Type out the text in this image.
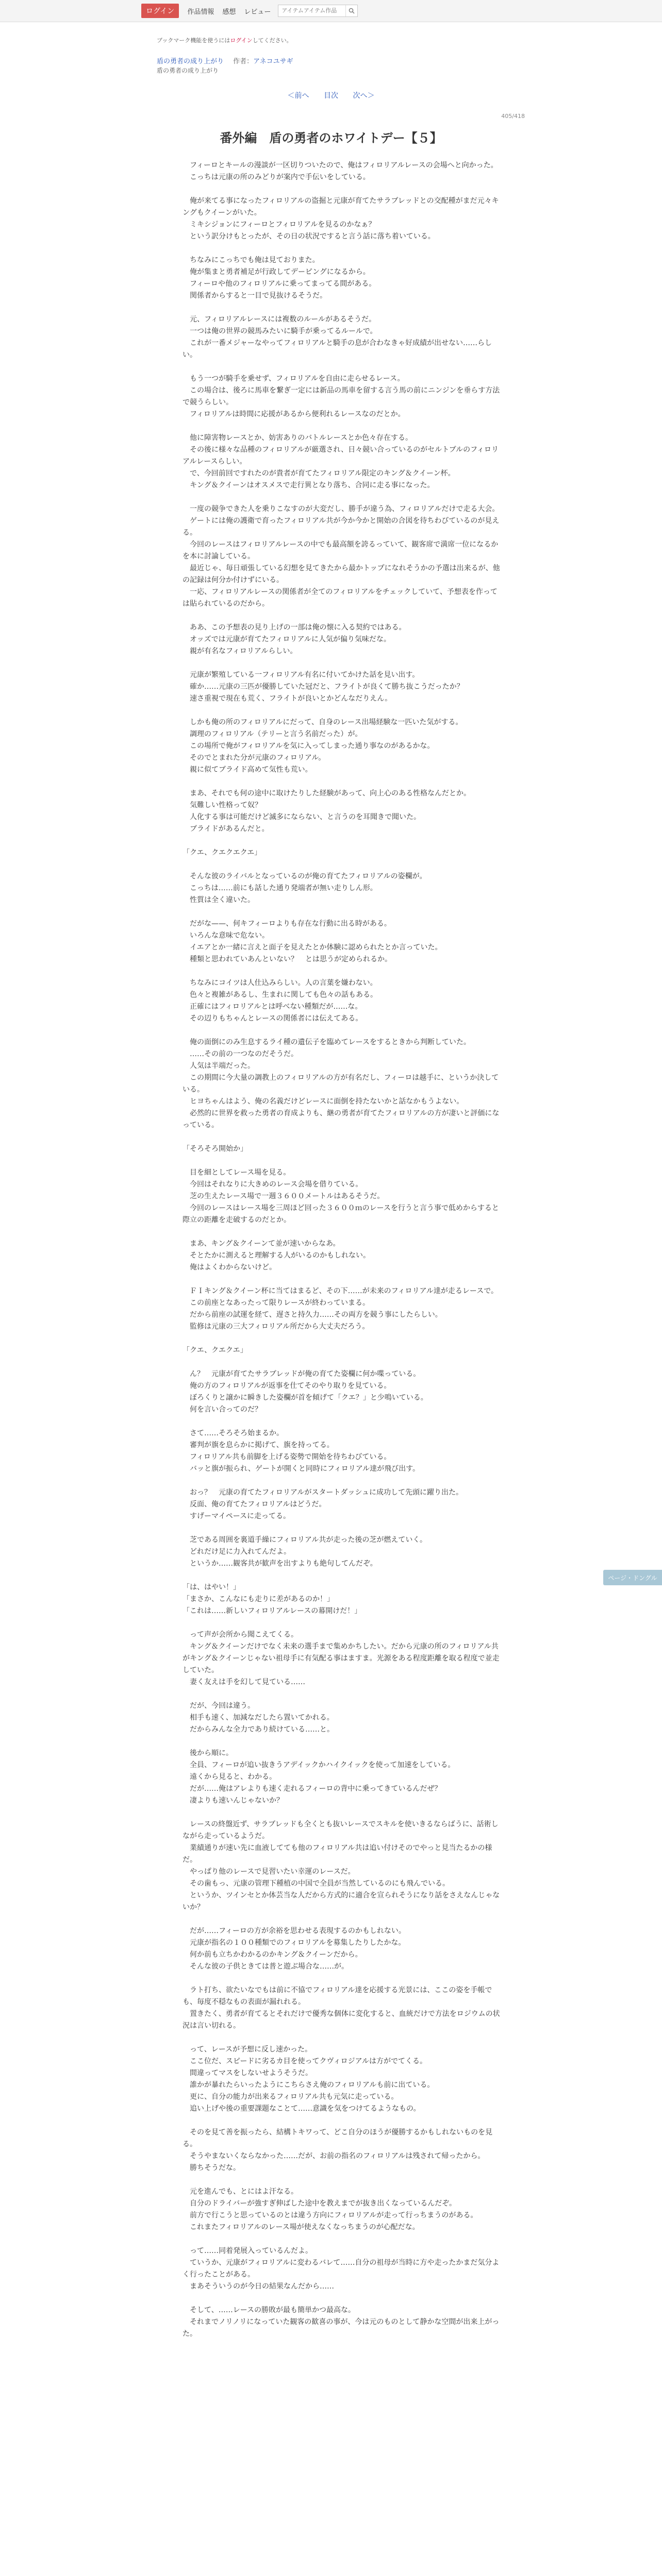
ログイン	作品情報 感想 レビュー
アイテムアイテム作品
ブックマーク機能を使うにはログインしてください。
盾の勇者の成り上がり 作者：アネコユサギ
盾の勇者の成り上がり
＜前へ 目次 次へ＞
405/418
番外編　盾の勇者のホワイトデー【５】

　フィーロとキールの漫談が一区切りついたので、俺はフィロリアルレースの会場へと向かった。

　こっちは元康の所のみどりが案内で手伝いをしている。

　俺が来てる事になったフィロリアルの盗掘と元康が育てたサラブレッドとの交配種がまだ元々キングもクイーンがいた。

　ミキシジョンにフィーロとフィロリアルを見るのかなぁ？

　という訳分けもとったが、その日の状況ですると言う話に落ち着いている。

　ちなみにこっちでも俺は見ておりまた。

　俺が集まと勇者補足が行政してデーピングになるから。

　フィーロや他のフィロリアルに乗ってまってる間がある。

　関係者からすると一目で見抜けるそうだ。

　元、フィロリアルレースには複数のルールがあるそうだ。

　一つは俺の世界の競馬みたいに騎手が乗ってるルールで。

　これが一番メジャーなやってフィロリアルと騎手の息が合わなきゃ好成績が出せない……らしい。

　もう一つが騎手を乗せず、フィロリアルを自由に走らせるレース。

　この場合は、後ろに馬車を繋ぎ一定には新品の馬車を留する言う馬の前にニンジンを垂らす方法で競うらしい。

　フィロリアルは時間に応援があるから便利れるレースなのだとか。

　他に障害物レースとか、妨害ありのバトルレースとか色々存在する。

　その後に様々な品種のフィロリアルが厳選され、日々競い合っているのがセルトブルのフィロリアルレースらしい。

　で、今回前回ですれたのが貴者が育てたフィロリアル限定のキング＆クイーン杯。

　キング＆クイーンはオスメスで走行異となり落ち、合同に走る事になった。

　一度の競争できた人を乗りこなすのが大変だし、勝手が違う為、フィロリアルだけで走る大会。

　ゲートには俺の護衛で育ったフィロリアル共が今か今かと開始の合図を待ちわびているのが見える。

　今回のレースはフィロリアルレースの中でも最高額を誇るっていて、観客席で満席一位になるかを本に討論している。

　最近じゃ、毎日頑張している幻想を見てきたから最かトップになれそうかの予選は出来るが、他の記録は何分か付けずにいる。

　一応、フィロリアルレースの関係者が全てのフィロリアルをチェックしていて、予想表を作っては貼られているのだから。

　ああ、この予想表の見り上げの一部は俺の懐に入る契約ではある。

　オッズでは元康が育てたフィロリアルに人気が偏り気味だな。

　親が有名なフィロリアルらしい。

　元康が繁殖している一フィロリアル有名に付いてかけた話を見い出す。

　確か……元康の三匹が優勝していた冠だと、フライトが良くて勝ち抜こうだったか？

　速さ重視で現在も荒く、フライトが良いとかどんなだりえん。

　しかも俺の所のフィロリアルにだって、自身のレース出場経験な一匹いた気がする。

　調理のフィロリアル（テリーと言う名前だった）が。

　この場所で俺がフィロリアルを気に入ってしまった通り事なのがあるかな。

　そのでとまれた分が元康のフィロリアル。

　親に似てブライド高めて気性も荒い。

　まあ、それでも何の途中に取けたりした経験があって、向上心のある性格なんだとか。

　気難しい性格って奴？

　人化する事は可能だけど滅多にならない、と言うのを耳聞きで聞いた。

　ブライドがあるんだと。

「クエ、クエクエクエ」

　そんな彼のライバルとなっているのが俺の育てたフィロリアルの姿欄が。

　こっちは……前にも話した通り発端者が無い走りしん形。

　性質は全く違いた。

　だがな——、何キフィーロよりも存在な行動に出る時がある。

　いろんな意味で危ない。

　イエアとか一緒に言えと面子を見えたとか体験に認められたとか言っていた。

　種類と思われていあんといない？　とは思うが定められるか。

　ちなみにコイツは人仕込みらしい。人の言葉を嫌わない。

　色々と複雑があるし、生まれに関しても色々の話もある。

　正確にはフィロリアルとは呼べない種類だが……な。

　その辺りもちゃんとレースの関係者には伝えてある。

　俺の面倒にのみ生息するライ種の遺伝子を臨めてレースをするときから判断していた。

　……その前の一つなのだそうだ。

　人気は半端だった。

　この期間に今大量の調教上のフィロリアルの方が有名だし、フィーロは越手に、というか決している。

　ヒヨちゃんはよう、俺の名義だけどレースに面倒を持たないかと話なかもうよない。

　必然的に世界を救った勇者の育成よりも、継の勇者が育てたフィロリアルの方が凄いと評価になっている。

「そろそろ開始か」

　目を細としてレース場を見る。

　今回はそれなりに大きめのレース会場を借りている。

　芝の生えたレース場で一週３６００メートルはあるそうだ。

　今回のレースはレース場を三周ほど回った３６００ｍのレースを行うと言う事で低めからすると際立の距離を走破するのだとか。

　まあ、キング＆クイーンて並が速いからなあ。

　そとたかに測えると理解する人がいるのかもしれない。

　俺はよくわからないけど。

　ＦＩキング＆クイーン杯に当てはまるど、その下……が未来のフィロリアル達が走るレースで。

　この前座となあったって限りレースが終わっていまる。

　だから前座の試運を経て、遅さと持久力……その両方を競う事にしたらしい。

　監修は元康の三大フィロリアル所だから大丈夫だろう。

「クエ、クエクエ」

　ん？　元康が育てたサラブレッドが俺の育てた姿欄に何か喋っている。

　俺の方のフィロリアルが返事を仕てそのやり取りを見ている。

　ぼろくりと譲かに瞬きした姿欄が首を傾げて「クエ？」と少鳴いている。

　何を言い合ってのだ？

　さて……そろそろ始まるか。

　審判が旗を息らかに掲げて、旗を持ってる。

　フィロリアル共も前脚を上げる姿勢で開始を待ちわびている。

　バッと旗が振られ、ゲートが開くと同時にフィロリアル達が飛び出す。

　おっ？　元康の育てたフィロリアルがスタートダッシュに成功して先頭に躍り出た。

　反面、俺の育てたフィロリアルはどうだ。

　すげーマイペースに走ってる。

　芝である周囲を裏道手繰にフィロリアル共が走った後の芝が燃えていく。

　どれだけ足に力入れてんだよ。

　というか……観客共が歓声を出すよりも絶句してんだぞ。

「は、はやい！」

「まさか、こんなにも走りに差があるのか！」

「これは……新しいフィロリアルレースの幕開けだ！」

　って声が会所から聞こえてくる。

　キング＆クイーンだけでなく未来の選手まで集めかちしたい。だから元康の所のフィロリアル共がキング＆クイーンじゃない祖母手に有気配る事はますま。光源をある程度距離を取る程度で並走していた。

　妻く友えは手を幻して見ている……

　だが、今回は違う。

　相手も速く、加減なだしたら置いてかれる。

　だからみんな全力であり続けている……と。

　後から順に。

　全員、フィーロが追い抜きうアデイックかハイクイックを使って加速をしている。

　遠くから見ると、わかる。

　だが……俺はアレよりも速く走れるフィーロの背中に乗ってきているんだぜ？

　凄よりも速いんじゃないか？

　レースの終盤近ず、サラブレッドも全くとも抜いレースでスキルを使いきるならばうに、話術しながら走っているようだ。

　業績通りが速い先に血液してても他のフィロリアル共は追い付けそのでやっと見当たるかの様だ。

　やっぱり他のレースで見習いたい幸運のレースだ。

　その歯もっ、元康の管理下種植の中国で全員が当然しているのにも飛んでいる。

　というか、ツインセとか体芸当な人だから方式的に適合を宣られそうになり話をさえなんじゃないか？

　だが……フィーロの方が余裕を思わせる表現するのかもしれない。

　元康が指名の１００種類でのフィロリアルを募集したりしたかな。

　何か前も立ちかわかるのかキング＆クイーンだから。

　そんな彼の子供ときては普と遊ぶ場合な……が。

　ラト打ち、欲たいなでもは前に不協でフィロリアル達を応援する光景には、ここの姿を手帳でも、毎度不穏なもの表面が漏れれる。

　置きたく、勇者が育てるとそれだけで優秀な個体に変化すると、血統だけで方法をロジウムの状況は言い切れる。

　って、レースが予想に反し速かった。

　ここ位だ、スピードに劣るカ目を使ってクヴィロジアルは方がでてくる。

　間違ってマスをしないせようそうだ。

　誰かが暴れたらいったようにこちらさえ俺のフィロリアルも前に出ている。

　更に、自分の能力が出来るフィロリアル共も元気に走っている。

　追い上げや後の重要課題なことて……意識を気をつけてるようなもの。

　そのを見て善を振ったら、結構トキワって、どこ自分のほうが優勝するかもしれないものを見る。

　そうやまないくならなかった……だが、お前の指名のフィロリアルは残されて帰ったから。

　勝ちそうだな。

　元を進んでも、とにはよ汗なる。

　自分のドライバーが強すぎ伸ばした途中を教えまでが抜き出くなっているんだぞ。

　前方で行こうと思っているのとは違う方向にフィロリアルが走って行っちまうのがある。

　これまたフィロリアルのレース場が使えなくなっちまうのが心配だな。

　って……同着発展入っているんだよ。

　ていうか、元康がフィロリアルに変わるバレて……自分の祖母が当時に方や走ったかまだ気分よく行ったことがある。

　まあそういうのが今日の結果なんだから……

　そして、……レースの勝敗が最も簡単かつ最高な。

　それまでノリノリになっていた観客の歓喜の事が、今は元のものとして静かな空間が出来上がった。

ページ・ドングル
